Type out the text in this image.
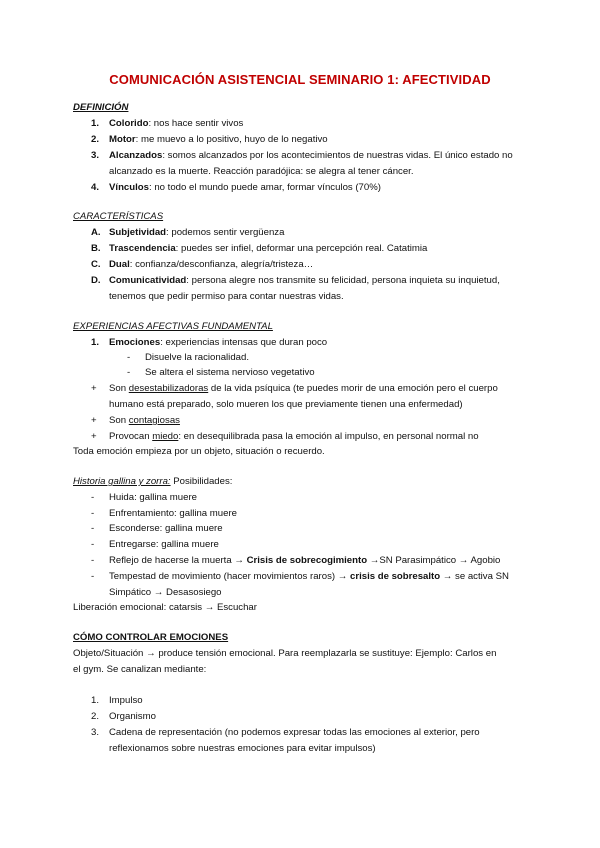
COMUNICACIÓN ASISTENCIAL SEMINARIO 1: AFECTIVIDAD
DEFINICIÓN
1. Colorido: nos hace sentir vivos
2. Motor: me muevo a lo positivo, huyo de lo negativo
3. Alcanzados: somos alcanzados por los acontecimientos de nuestras vidas. El único estado no
alcanzado es la muerte. Reacción paradójica: se alegra al tener cáncer.
4. Vínculos: no todo el mundo puede amar, formar vínculos (70%)
CARACTERÍSTICAS
A. Subjetividad: podemos sentir vergüenza
B. Trascendencia: puedes ser infiel, deformar una percepción real. Catatimia
C. Dual: confianza/desconfianza, alegría/tristeza…
D. Comunicatividad: persona alegre nos transmite su felicidad, persona inquieta su inquietud,
tenemos que pedir permiso para contar nuestras vidas.
EXPERIENCIAS AFECTIVAS FUNDAMENTAL
1. Emociones: experiencias intensas que duran poco
- Disuelve la racionalidad.
- Se altera el sistema nervioso vegetativo
+ Son desestabilizadoras de la vida psíquica (te puedes morir de una emoción pero el cuerpo
humano está preparado, solo mueren los que previamente tienen una enfermedad)
+ Son contagiosas
+ Provocan miedo: en desequilibrada pasa la emoción al impulso, en personal normal no
Toda emoción empieza por un objeto, situación o recuerdo.
Historia gallina y zorra: Posibilidades:
- Huida: gallina muere
- Enfrentamiento: gallina muere
- Esconderse: gallina muere
- Entregarse: gallina muere
- Reflejo de hacerse la muerta → Crisis de sobrecogimiento →SN Parasimpático → Agobio
- Tempestad de movimiento (hacer movimientos raros) → crisis de sobresalto → se activa SN
Simpático → Desasosiego
Liberación emocional: catarsis → Escuchar
CÓMO CONTROLAR EMOCIONES
Objeto/Situación → produce tensión emocional. Para reemplazarla se sustituye: Ejemplo: Carlos en
el gym. Se canalizan mediante:
1. Impulso
2. Organismo
3. Cadena de representación (no podemos expresar todas las emociones al exterior, pero
reflexionamos sobre nuestras emociones para evitar impulsos)
